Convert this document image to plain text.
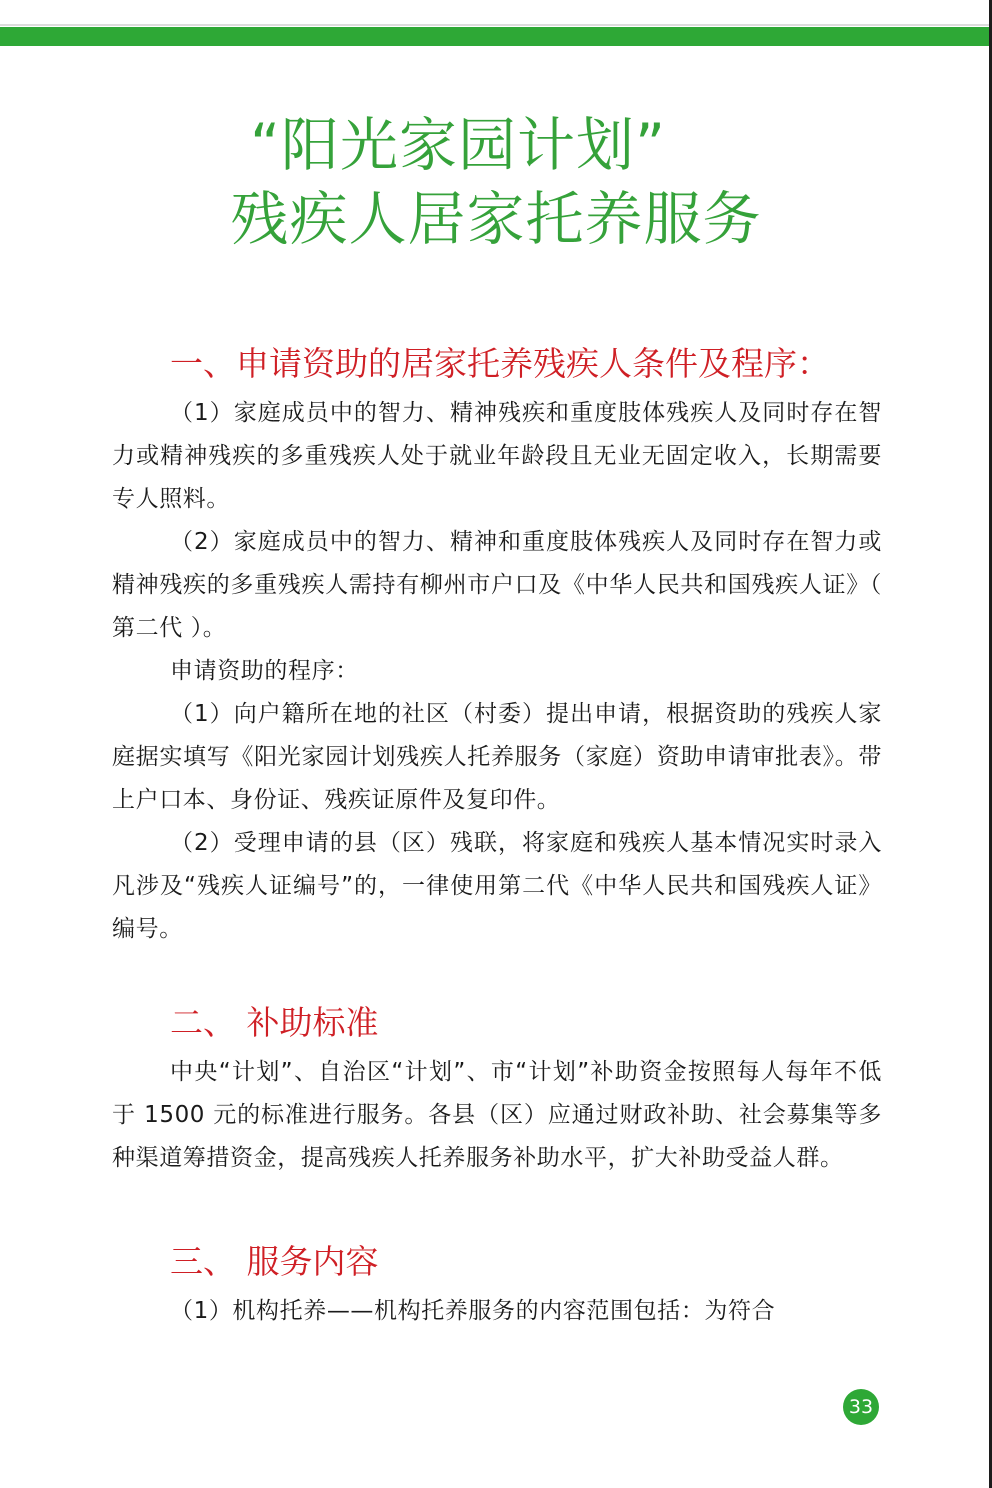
“阳光家园计划”
残疾人居家托养服务
一、申请资助的居家托养残疾人条件及程序：
（1）家庭成员中的智力、精神残疾和重度肢体残疾人及同时存在智力或精神残疾的多重残疾人处于就业年龄段且无业无固定收入，长期需要专人照料。
（2）家庭成员中的智力、精神和重度肢体残疾人及同时存在智力或精神残疾的多重残疾人需持有柳州市户口及《中华人民共和国残疾人证》（ 第二代 ）。
申请资助的程序：
（1）向户籍所在地的社区（村委）提出申请，根据资助的残疾人家庭据实填写《阳光家园计划残疾人托养服务（家庭）资助申请审批表》。带上户口本、身份证、残疾证原件及复印件。
（2）受理申请的县（区）残联，将家庭和残疾人基本情况实时录入凡涉及“残疾人证编号”的，一律使用第二代《中华人民共和国残疾人证》编号。
二、 补助标准
中央“计划”、自治区“计划”、市“计划”补助资金按照每人每年不低于 1500 元的标准进行服务。各县（区）应通过财政补助、社会募集等多种渠道筹措资金，提高残疾人托养服务补助水平，扩大补助受益人群。
三、 服务内容
（1）机构托养——机构托养服务的内容范围包括：为符合
33
